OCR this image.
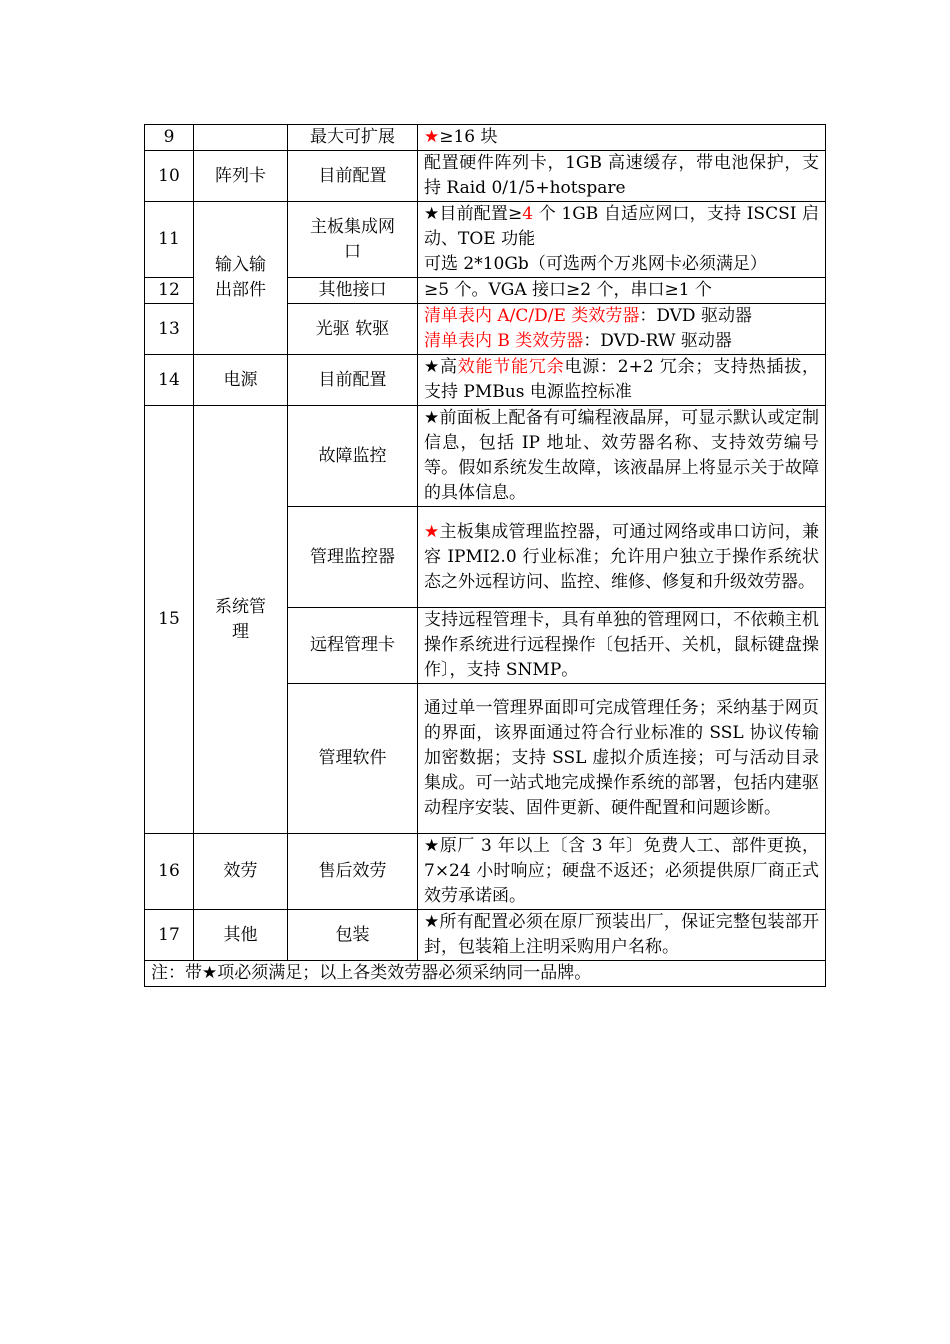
9		最大可扩展	★≥16 块
10	阵列卡	目前配置	配置硬件阵列卡，1GB 高速缓存，带电池保护，支持 Raid 0/1/5+hotspare
11	输入输出部件	主板集成网口	★目前配置≥4 个 1GB 自适应网口，支持 ISCSI 启动、TOE 功能
可选 2*10Gb（可选两个万兆网卡必须满足）
12		其他接口	≥5 个。VGA 接口≥2 个，串口≥1 个
13		光驱 软驱	清单表内 A/C/D/E 类效劳器：DVD 驱动器
清单表内 B 类效劳器：DVD-RW 驱动器
14	电源	目前配置	★高效能节能冗余电源：2+2 冗余；支持热插拔，支持 PMBus 电源监控标准
15	系统管理	故障监控	★前面板上配备有可编程液晶屏，可显示默认或定制信息，包括 IP 地址、效劳器名称、支持效劳编号等。假如系统发生故障，该液晶屏上将显示关于故障的具体信息。
		管理监控器	★主板集成管理监控器，可通过网络或串口访问，兼容 IPMI2.0 行业标准；允许用户独立于操作系统状态之外远程访问、监控、维修、修复和升级效劳器。
		远程管理卡	支持远程管理卡，具有单独的管理网口，不依赖主机操作系统进行远程操作〔包括开、关机，鼠标键盘操作〕，支持 SNMP。
		管理软件	通过单一管理界面即可完成管理任务；采纳基于网页的界面，该界面通过符合行业标准的 SSL 协议传输加密数据；支持 SSL 虚拟介质连接；可与活动目录集成。可一站式地完成操作系统的部署，包括内建驱动程序安装、固件更新、硬件配置和问题诊断。
16	效劳	售后效劳	★原厂 3 年以上〔含 3 年〕免费人工、部件更换，7×24 小时响应；硬盘不返还；必须提供原厂商正式效劳承诺函。
17	其他	包装	★所有配置必须在原厂预装出厂，保证完整包装部开封，包装箱上注明采购用户名称。
注：带★项必须满足；以上各类效劳器必须采纳同一品牌。			
